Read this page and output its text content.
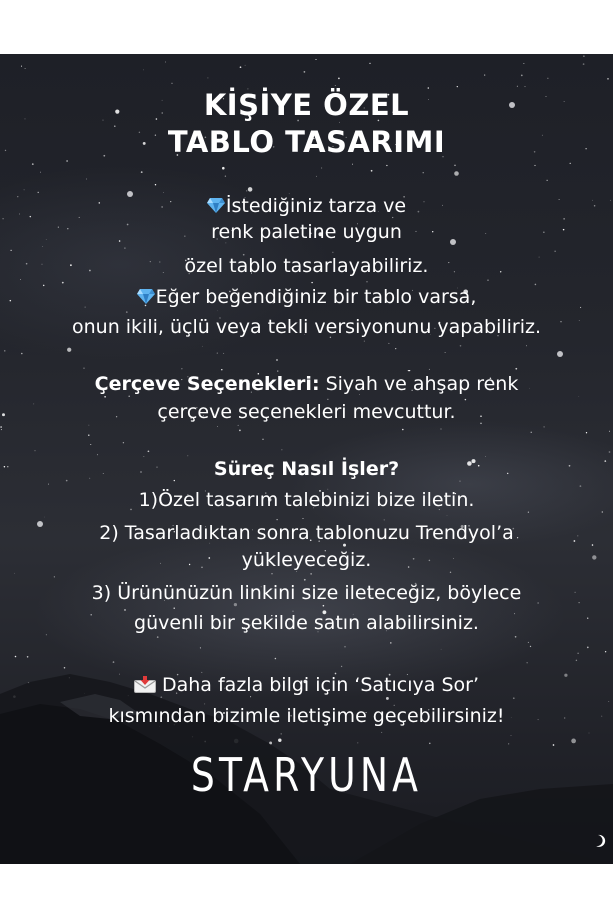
KİŞİYE ÖZEL
TABLO TASARIMI
İstediğiniz tarza ve
renk paletine uygun
özel tablo tasarlayabiliriz.
Eğer beğendiğiniz bir tablo varsa,
onun ikili, üçlü veya tekli versiyonunu yapabiliriz.
Çerçeve Seçenekleri: Siyah ve ahşap renk
çerçeve seçenekleri mevcuttur.
Süreç Nasıl İşler?
1)Özel tasarım talebinizi bize iletin.
2) Tasarladıktan sonra tablonuzu Trendyol’a
yükleyeceğiz.
3) Ürününüzün linkini size ileteceğiz, böylece
güvenli bir şekilde satın alabilirsiniz.
Daha fazla bilgi için ‘Satıcıya Sor’
kısmından bizimle iletişime geçebilirsiniz!
STARYUNA
